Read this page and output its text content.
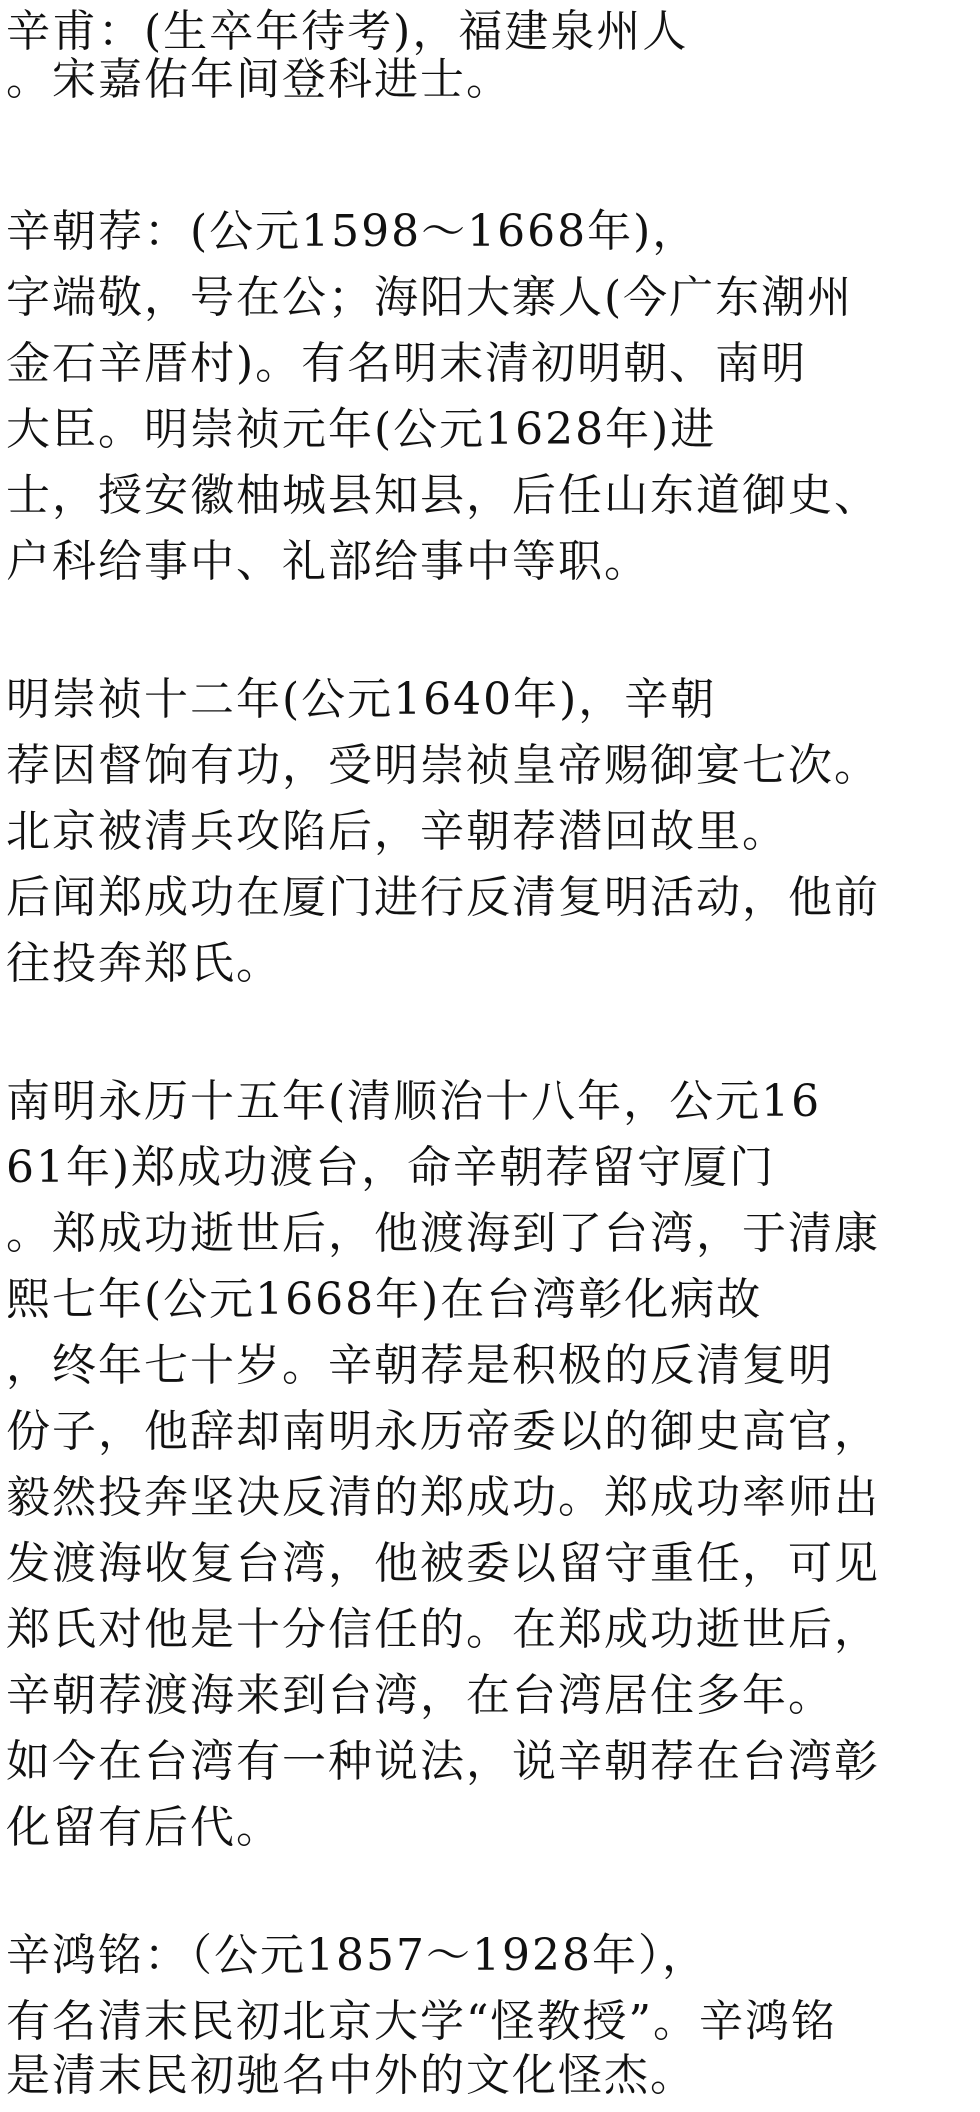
辛甫：(生卒年待考)，福建泉州人
。宋嘉佑年间登科进士。
辛朝荐：(公元1598～1668年)，
字端敬，号在公；海阳大寨人(今广东潮州
金石辛厝村)。有名明末清初明朝、南明
大臣。明崇祯元年(公元1628年)进
士，授安徽柚城县知县，后任山东道御史、
户科给事中、礼部给事中等职。
明崇祯十二年(公元1640年)，辛朝
荐因督饷有功，受明崇祯皇帝赐御宴七次。
北京被清兵攻陷后，辛朝荐潜回故里。
后闻郑成功在厦门进行反清复明活动，他前
往投奔郑氏。
南明永历十五年(清顺治十八年，公元16
61年)郑成功渡台，命辛朝荐留守厦门
。郑成功逝世后，他渡海到了台湾，于清康
熙七年(公元1668年)在台湾彰化病故
，终年七十岁。辛朝荐是积极的反清复明
份子，他辞却南明永历帝委以的御史高官，
毅然投奔坚决反清的郑成功。郑成功率师出
发渡海收复台湾，他被委以留守重任，可见
郑氏对他是十分信任的。在郑成功逝世后，
辛朝荐渡海来到台湾，在台湾居住多年。
如今在台湾有一种说法，说辛朝荐在台湾彰
化留有后代。
辛鸿铭：（公元1857～1928年），
有名清末民初北京大学“怪教授”。辛鸿铭
是清末民初驰名中外的文化怪杰。
